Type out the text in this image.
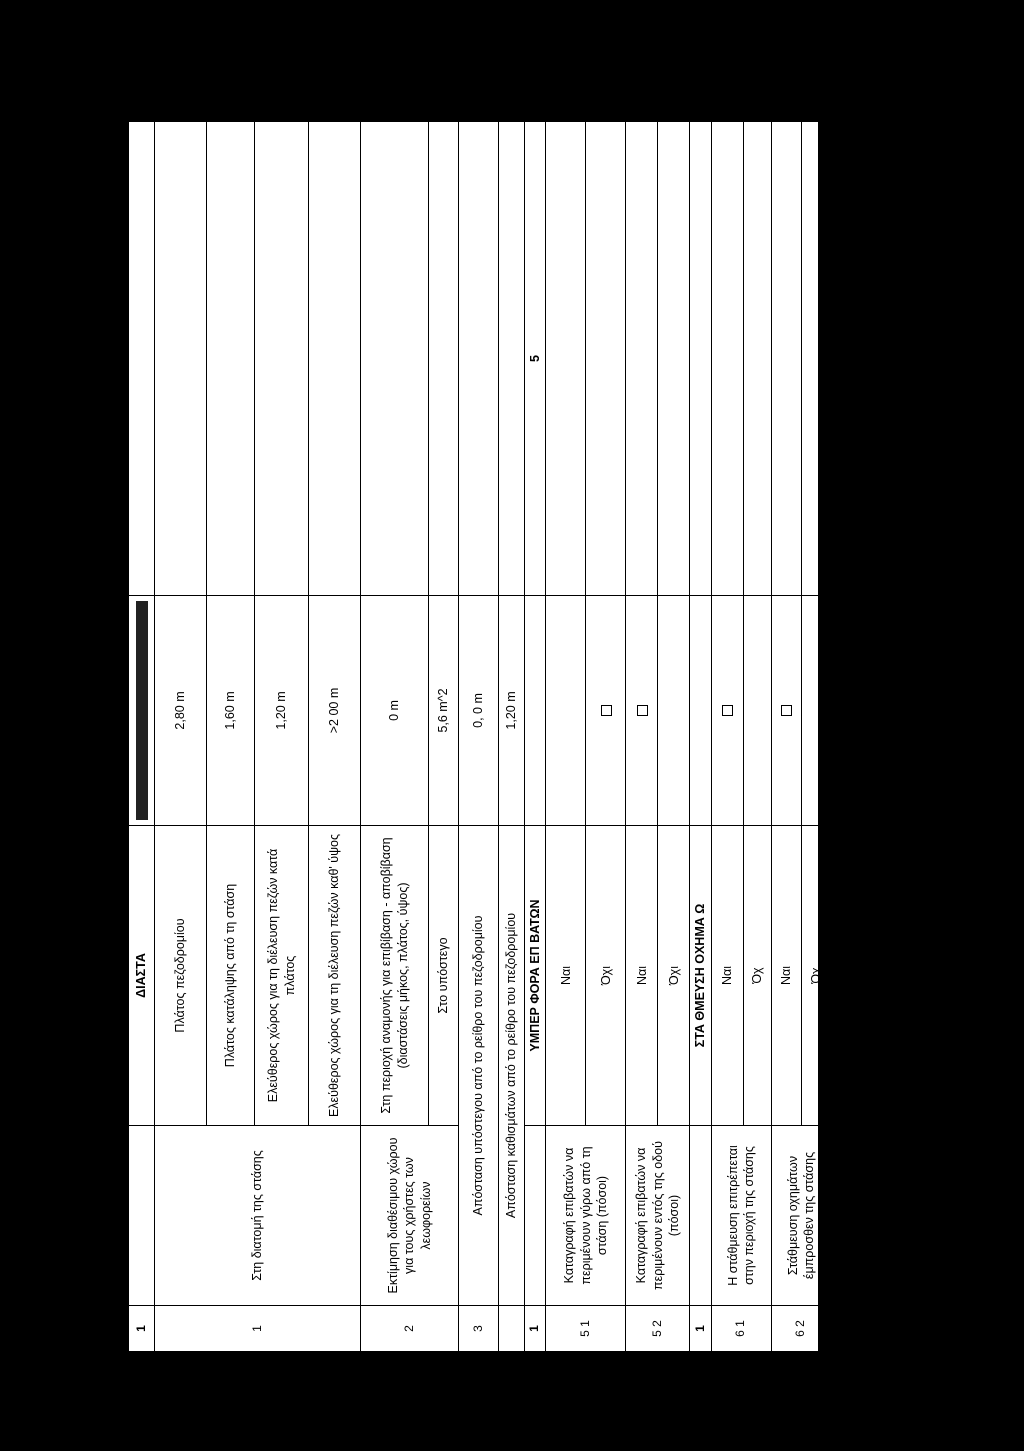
1		ΔΙΑΣΤΑ		
1	Στη διατομή της στάσης	Πλάτος πεζοδρομίου	2,80 m	
		Πλάτος κατάληψης από τη στάση	1,60 m	
		Ελεύθερος χώρος για τη διέλευση πεζών κατά πλάτος	1,20 m	
		Ελεύθερος χώρος για τη διέλευση πεζών καθ' ύψος	>2 00 m	
2	Εκτίμηση διαθέσιμου χώρου για τους χρήστες των λεωφορείων	Στη περιοχή αναμονής για επιβίβαση - αποβίβαση (διαστάσεις μήκος, πλάτος, ύψος)	0 m	
		Στο υπόστεγο	5,6 m^2	
3	Απόσταση υπόστεγου από το ρείθρο του πεζοδρομίου		0, 0 m	
	Απόσταση καθισμάτων από το ρείθρο του πεζοδρομίου		1,20 m	
1		ΥΜΠΕΡ ΦΟΡΑ ΕΠ ΒΑΤΩΝ		5
5 1	Καταγραφή επιβατών να περιμένουν γύρω από τη στάση (πόσοι)	Ναι		
		Όχι		
5 2	Καταγραφή επιβατών να περιμένουν εντός της οδού (πόσοι)	Ναι		
		Όχι		
1		ΣΤΑ ΘΜΕΥΣΗ ΟΧΗΜΑ Ω		
6 1	Η στάθμευση επιτρέπεται στην περιοχή της στάσης	Ναι		
		Όχ		
6 2	Στάθμευση οχημάτων έμπροσθεν της στάσης	Ναι		
		Όχ		
6 3	Στάθμευση οχημάτων εκατέρωθεν της στάσης (απόσταση)	Ναι		
		Όχι	/	
